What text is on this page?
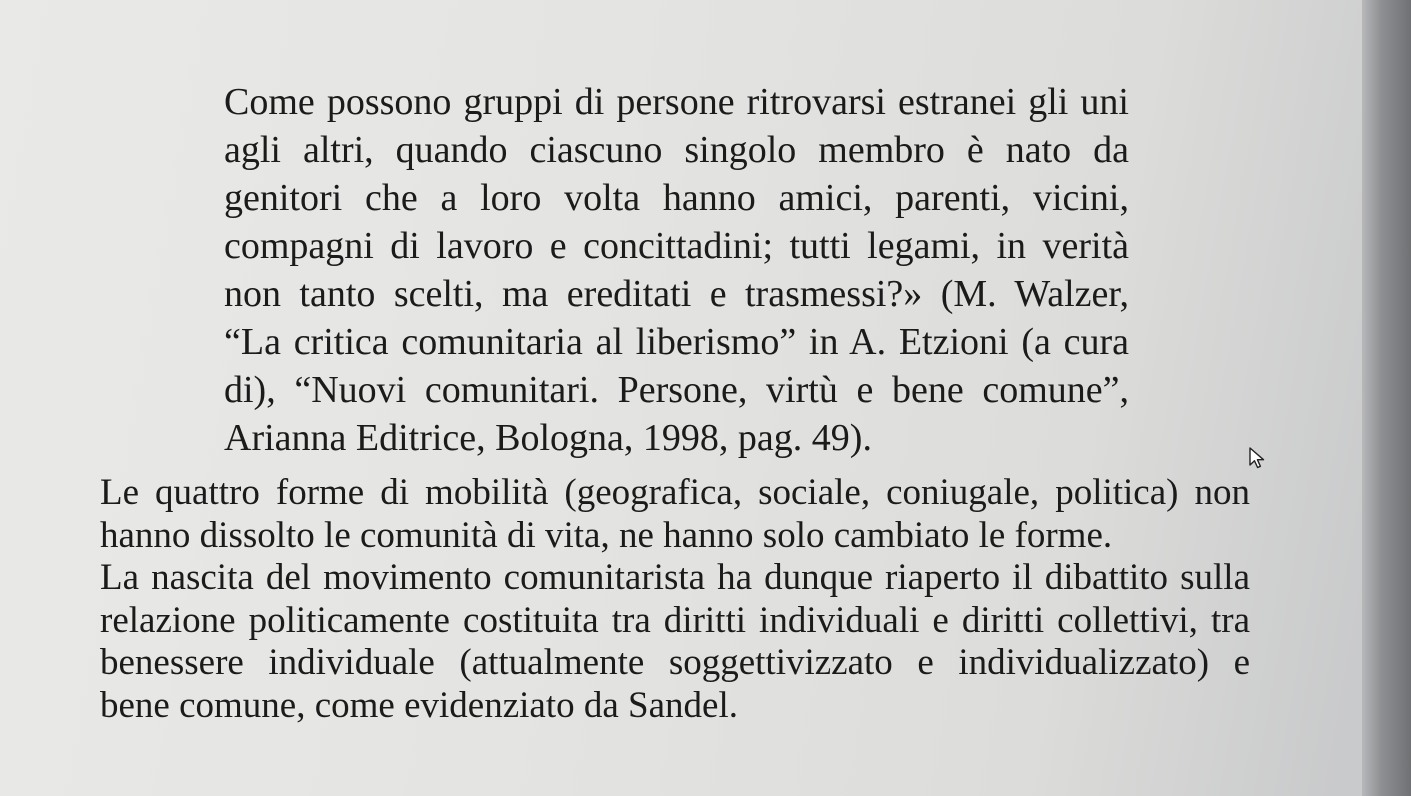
Come possono gruppi di persone ritrovarsi estranei gli uni
agli altri, quando ciascuno singolo membro è nato da
genitori che a loro volta hanno amici, parenti, vicini,
compagni di lavoro e concittadini; tutti legami, in verità
non tanto scelti, ma ereditati e trasmessi?» (M. Walzer,
“La critica comunitaria al liberismo” in A. Etzioni (a cura
di), “Nuovi comunitari. Persone, virtù e bene comune”,
Arianna Editrice, Bologna, 1998, pag. 49).
Le quattro forme di mobilità (geografica, sociale, coniugale, politica) non
hanno dissolto le comunità di vita, ne hanno solo cambiato le forme.
La nascita del movimento comunitarista ha dunque riaperto il dibattito sulla
relazione politicamente costituita tra diritti individuali e diritti collettivi, tra
benessere individuale (attualmente soggettivizzato e individualizzato) e
bene comune, come evidenziato da Sandel.
